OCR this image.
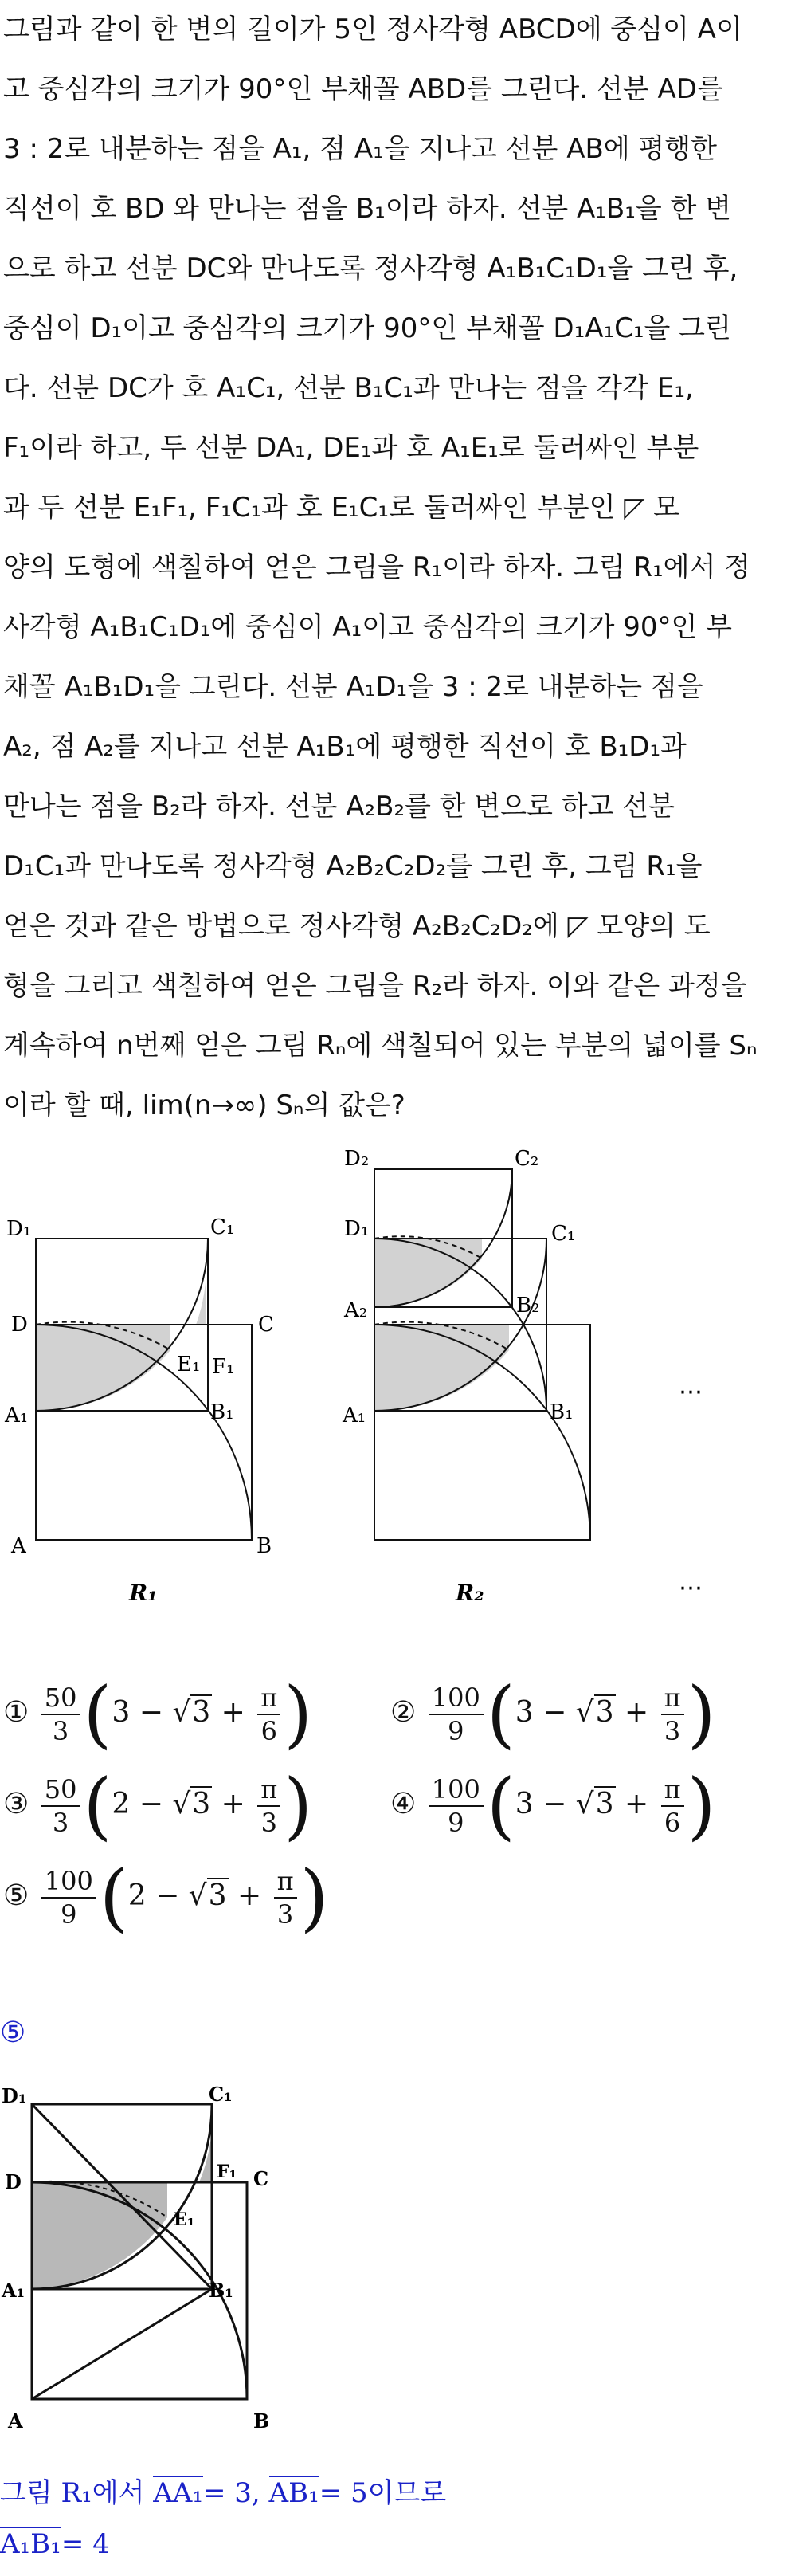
그림과 같이 한 변의 길이가 5인 정사각형 ABCD에 중심이 A이
고 중심각의 크기가 90°인 부채꼴 ABD를 그린다. 선분 AD를
3 : 2로 내분하는 점을 A₁, 점 A₁을 지나고 선분 AB에 평행한
직선이 호 BD 와 만나는 점을 B₁이라 하자. 선분 A₁B₁을 한 변
으로 하고 선분 DC와 만나도록 정사각형 A₁B₁C₁D₁을 그린 후,
중심이 D₁이고 중심각의 크기가 90°인 부채꼴 D₁A₁C₁을 그린
다. 선분 DC가 호 A₁C₁, 선분 B₁C₁과 만나는 점을 각각 E₁,
F₁이라 하고, 두 선분 DA₁, DE₁과 호 A₁E₁로 둘러싸인 부분
과 두 선분 E₁F₁, F₁C₁과 호 E₁C₁로 둘러싸인 부분인 ◸ 모
양의 도형에 색칠하여 얻은 그림을 R₁이라 하자. 그림 R₁에서 정
사각형 A₁B₁C₁D₁에 중심이 A₁이고 중심각의 크기가 90°인 부
채꼴 A₁B₁D₁을 그린다. 선분 A₁D₁을 3 : 2로 내분하는 점을
A₂, 점 A₂를 지나고 선분 A₁B₁에 평행한 직선이 호 B₁D₁과
만나는 점을 B₂라 하자. 선분 A₂B₂를 한 변으로 하고 선분
D₁C₁과 만나도록 정사각형 A₂B₂C₂D₂를 그린 후, 그림 R₁을
얻은 것과 같은 방법으로 정사각형 A₂B₂C₂D₂에 ◸ 모양의 도
형을 그리고 색칠하여 얻은 그림을 R₂라 하자. 이와 같은 과정을
계속하여 n번째 얻은 그림 Rₙ에 색칠되어 있는 부분의 넓이를 Sₙ
이라 할 때, lim(n→∞) Sₙ의 값은?
D₁	C₁
D	C
E₁ F₁
A₁	B₁
A	B
R₁
D₂	C₂
D₁	C₁
A₂	B₂
A₁	B₁
R₂
⋯
⋯
① $\frac{50}{3} (3 - √3 + \frac{\pi}{6}$ )	② $\frac{100}{9} (3 - √3 + \frac{\pi}{3}$ )
③ $\frac{50}{3} (2 - √3 + \frac{\pi}{3}$ )	④ $\frac{100}{9} (3 - √3 + \frac{\pi}{6}$ )
⑤ $\frac{100}{9} (2 - √3 + \frac{\pi}{3}$ )
⑤
D₁	C₁
D	C
F₁
E₁
A₁	B₁
A	B
그림 R₁에서 AA₁= 3, AB₁= 5이므로
A₁B₁= 4
